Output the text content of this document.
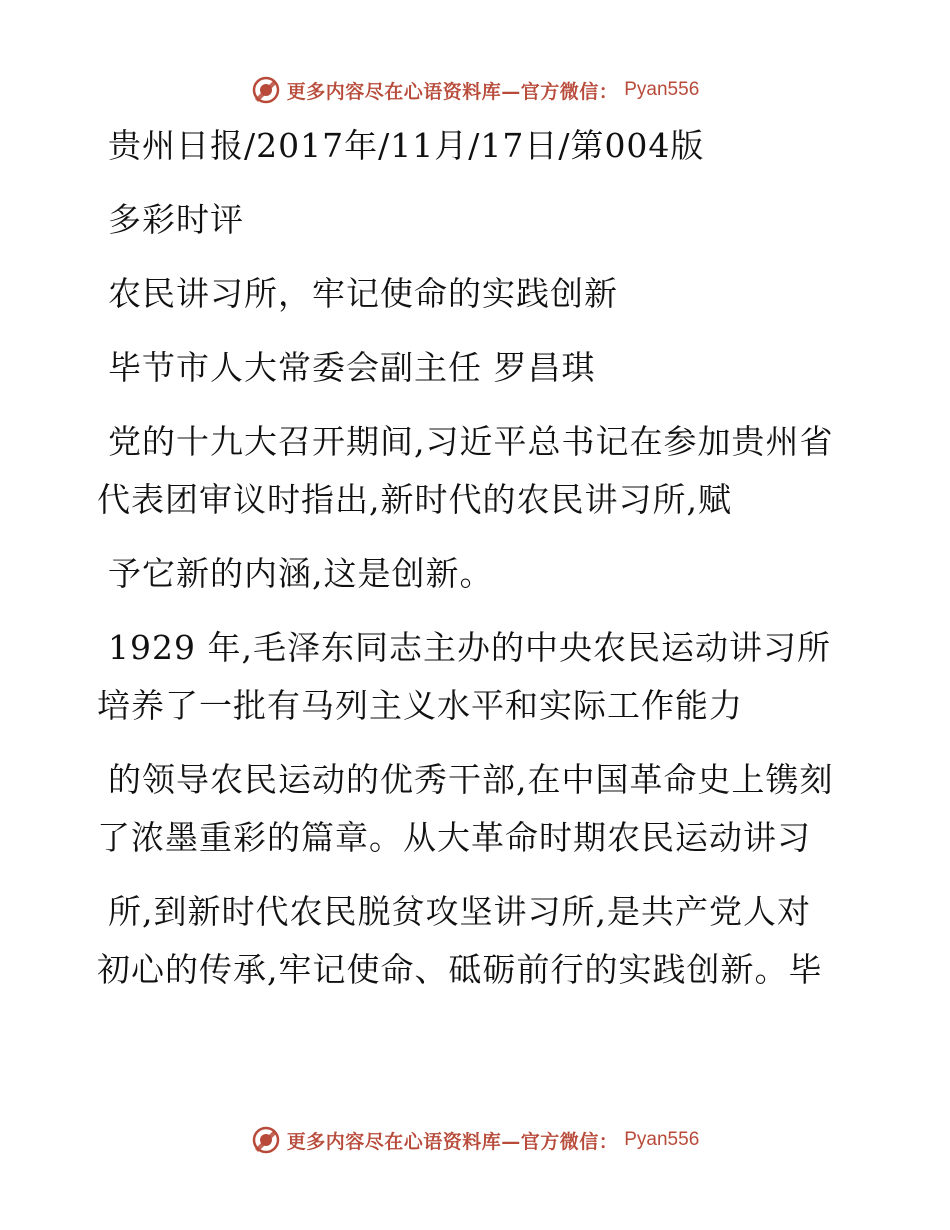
更多内容尽在心语资料库—官方微信： Pyan556
贵州日报/2017年/11月/17日/第004版
多彩时评
农民讲习所，牢记使命的实践创新
毕节市人大常委会副主任 罗昌琪
党的十九大召开期间,习近平总书记在参加贵州省
代表团审议时指出,新时代的农民讲习所,赋
予它新的内涵,这是创新。
1929 年,毛泽东同志主办的中央农民运动讲习所
培养了一批有马列主义水平和实际工作能力
的领导农民运动的优秀干部,在中国革命史上镌刻
了浓墨重彩的篇章。从大革命时期农民运动讲习
所,到新时代农民脱贫攻坚讲习所,是共产党人对
初心的传承,牢记使命、砥砺前行的实践创新。毕
更多内容尽在心语资料库—官方微信： Pyan556
